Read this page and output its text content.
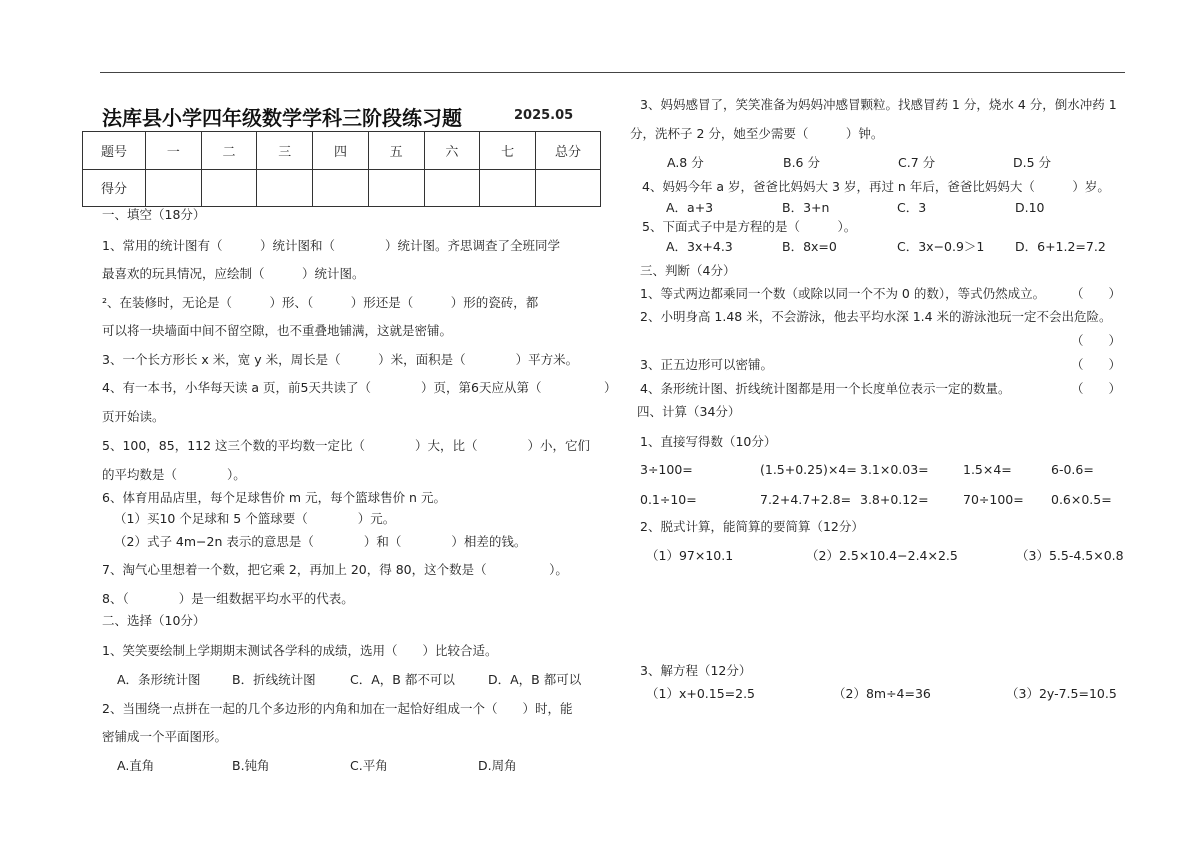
法库县小学四年级数学学科三阶段练习题	2025.05
题号	一	二	三	四	五	六	七	总分
得分								
一、填空（18分）
1、常用的统计图有（　　　）统计图和（　　　　）统计图。齐思调查了全班同学
最喜欢的玩具情况，应绘制（　　　）统计图。
²、在装修时，无论是（　　　）形、（　　　）形还是（　　　）形的瓷砖，都
可以将一块墙面中间不留空隙，也不重叠地铺满，这就是密铺。
3、一个长方形长 x 米，宽 y 米，周长是（　　　）米，面积是（　　　　）平方米。
4、有一本书，小华每天读 a 页，前5天共读了（　　　　）页，第6天应从第（　　　　　）
页开始读。
5、100，85，112 这三个数的平均数一定比（　　　　）大，比（　　　　）小，它们
的平均数是（　　　　）。
6、体育用品店里，每个足球售价 m 元，每个篮球售价 n 元。
（1）买10 个足球和 5 个篮球要（　　　　）元。
（2）式子 4m−2n 表示的意思是（　　　　）和（　　　　）相差的钱。
7、淘气心里想着一个数，把它乘 2，再加上 20，得 80，这个数是（　　　　　）。
8、（　　　　）是一组数据平均水平的代表。
二、选择（10分）
1、笑笑要绘制上学期期末测试各学科的成绩，选用（　　）比较合适。
A．条形统计图	B．折线统计图	C．A，B 都不可以	D．A，B 都可以
2、当围绕一点拼在一起的几个多边形的内角和加在一起恰好组成一个（　　）时，能
密铺成一个平面图形。
A.直角	B.钝角	C.平角	D.周角
3、妈妈感冒了，笑笑准备为妈妈冲感冒颗粒。找感冒药 1 分，烧水 4 分，倒水冲药 1
分，洗杯子 2 分，她至少需要（　　　）钟。
A.8 分	B.6 分	C.7 分	D.5 分
4、妈妈今年 a 岁，爸爸比妈妈大 3 岁，再过 n 年后，爸爸比妈妈大（　　　）岁。
A．a+3	B．3+n	C．3	D.10
5、下面式子中是方程的是（　　　）。
A．3x+4.3	B．8x=0	C．3x−0.9＞1 D．6+1.2=7.2
三、判断（4分）
1、等式两边都乘同一个数（或除以同一个不为 0 的数），等式仍然成立。 （　　）
2、小明身高 1.48 米，不会游泳，他去平均水深 1.4 米的游泳池玩一定不会出危险。
（　　）
3、正五边形可以密铺。	（　　）
4、条形统计图、折线统计图都是用一个长度单位表示一定的数量。	（　　）
四、计算（34分）
1、直接写得数（10分）
3÷100=	(1.5+0.25)×4= 3.1×0.03=	1.5×4=	6-0.6=
0.1÷10=	7.2+4.7+2.8= 3.8+0.12=	70÷100= 0.6×0.5=
2、脱式计算，能简算的要简算（12分）
（1）97×10.1	（2）2.5×10.4−2.4×2.5	（3）5.5-4.5×0.8
3、解方程（12分）
（1）x+0.15=2.5	（2）8m÷4=36	（3）2y-7.5=10.5
